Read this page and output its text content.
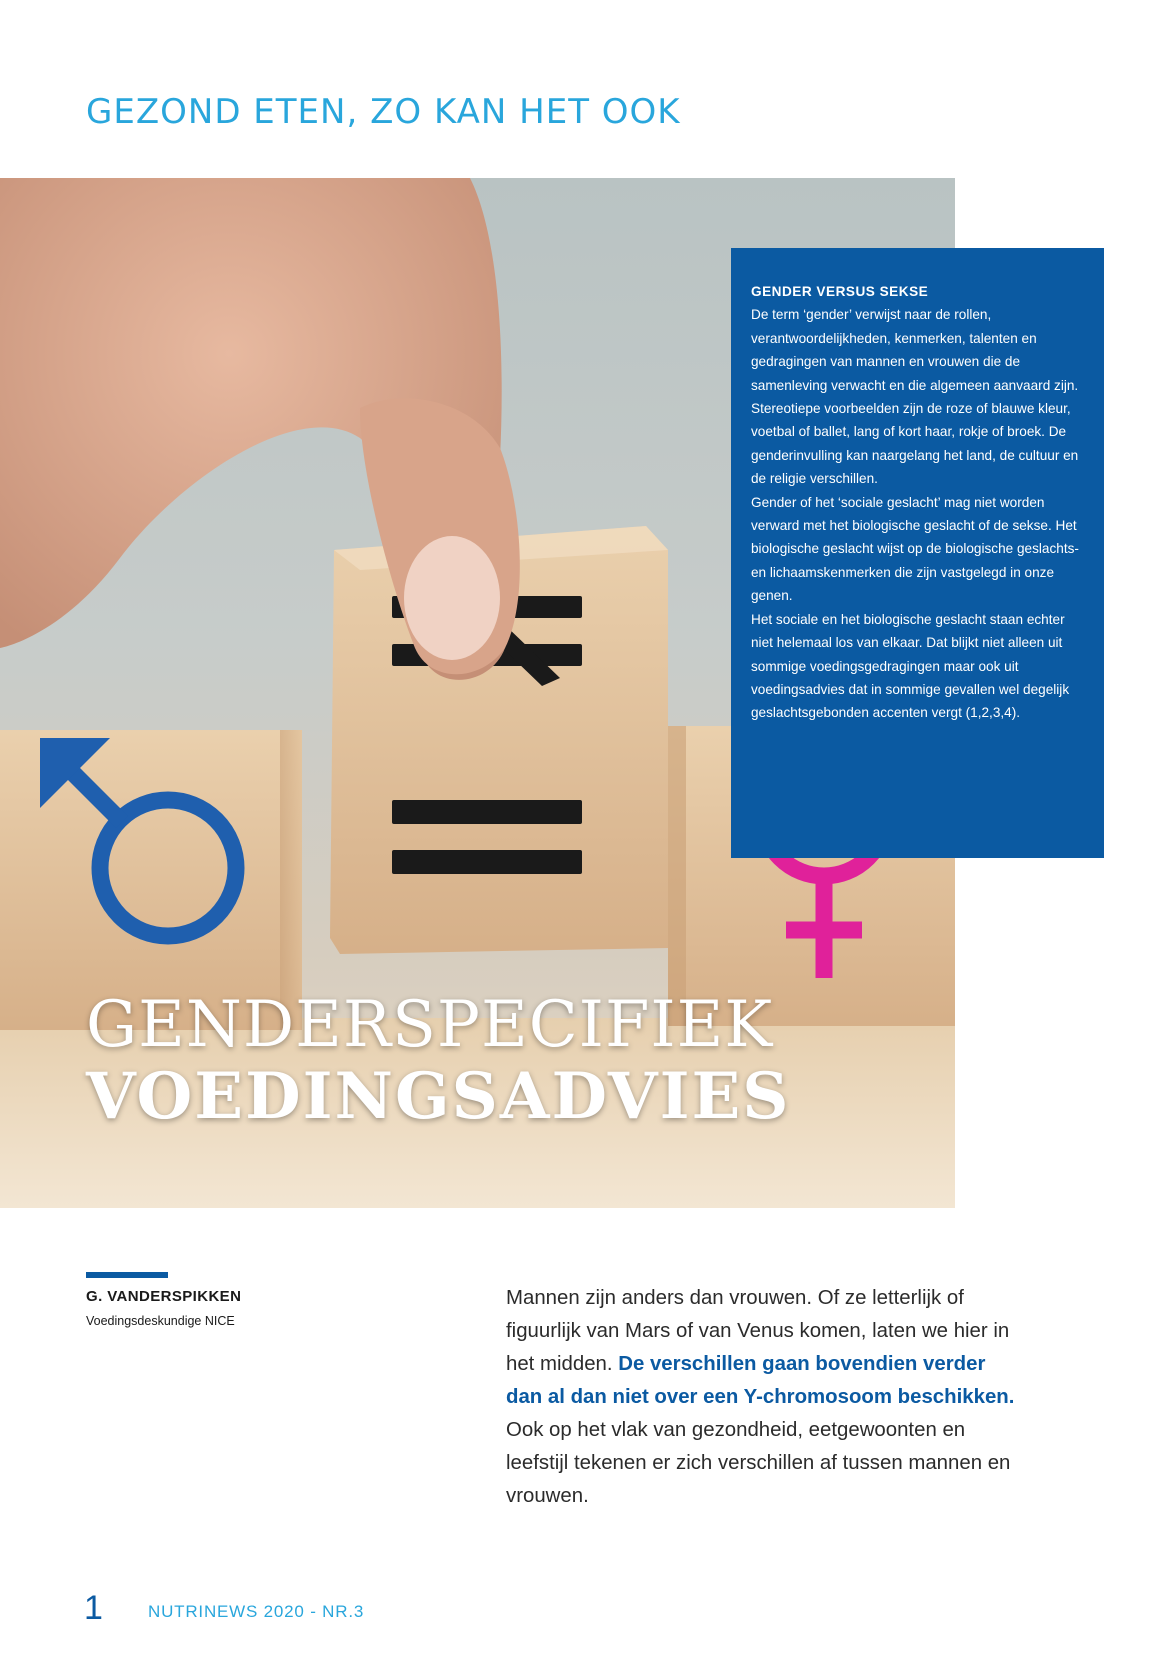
GEZOND ETEN, ZO KAN HET OOK
GENDERSPECIFIEK
VOEDINGSADVIES

GENDER VERSUS SEKSE

De term ‘gender’ verwijst naar de rollen, verantwoordelijkheden, kenmerken, talenten en gedragingen van mannen en vrouwen die de samenleving verwacht en die algemeen aanvaard zijn. Stereotiepe voorbeelden zijn de roze of blauwe kleur, voetbal of ballet, lang of kort haar, rokje of broek. De genderinvulling kan naargelang het land, de cultuur en de religie verschillen.

Gender of het ‘sociale geslacht’ mag niet worden verward met het biologische geslacht of de sekse. Het biologische geslacht wijst op de biologische geslachts- en lichaamskenmerken die zijn vastgelegd in onze genen.

Het sociale en het biologische geslacht staan echter niet helemaal los van elkaar. Dat blijkt niet alleen uit sommige voedingsgedragingen maar ook uit voedingsadvies dat in sommige gevallen wel degelijk geslachtsgebonden accenten vergt (1,2,3,4).

G. VANDERSPIKKEN
Voedingsdeskundige NICE
Mannen zijn anders dan vrouwen. Of ze letterlijk of figuurlijk van Mars of van Venus komen, laten we hier in het midden. De verschillen gaan bovendien verder dan al dan niet over een Y-chromosoom beschikken. Ook op het vlak van gezondheid, eetgewoonten en leefstijl tekenen er zich verschillen af tussen mannen en vrouwen.
1	NUTRINEWS 2020 - NR.3
